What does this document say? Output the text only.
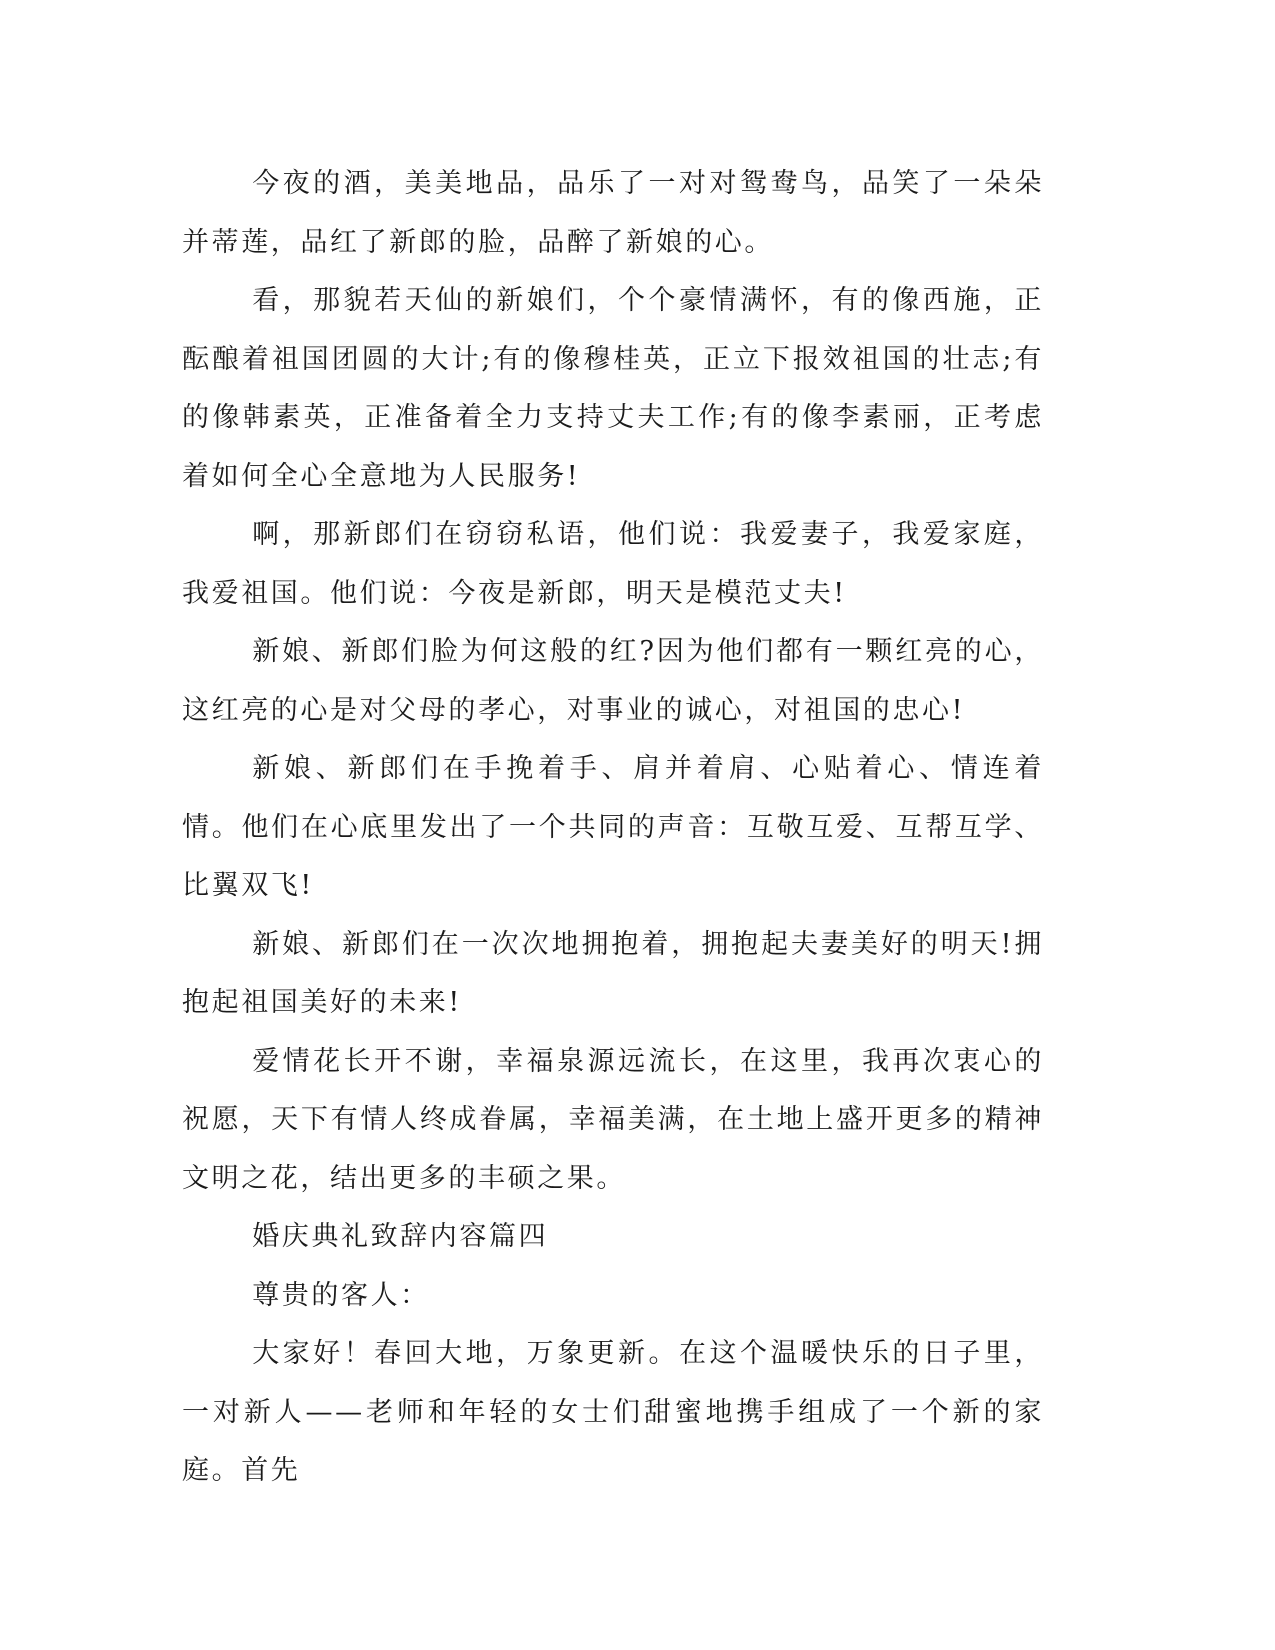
今夜的酒，美美地品，品乐了一对对鸳鸯鸟，品笑了一朵朵并蒂莲，品红了新郎的脸，品醉了新娘的心。

看，那貌若天仙的新娘们，个个豪情满怀，有的像西施，正酝酿着祖国团圆的大计;有的像穆桂英，正立下报效祖国的壮志;有的像韩素英，正准备着全力支持丈夫工作;有的像李素丽，正考虑着如何全心全意地为人民服务!

啊，那新郎们在窃窃私语，他们说：我爱妻子，我爱家庭，我爱祖国。他们说：今夜是新郎，明天是模范丈夫!

新娘、新郎们脸为何这般的红?因为他们都有一颗红亮的心，这红亮的心是对父母的孝心，对事业的诚心，对祖国的忠心!

新娘、新郎们在手挽着手、肩并着肩、心贴着心、情连着情。他们在心底里发出了一个共同的声音：互敬互爱、互帮互学、比翼双飞!

新娘、新郎们在一次次地拥抱着，拥抱起夫妻美好的明天!拥抱起祖国美好的未来!

爱情花长开不谢，幸福泉源远流长，在这里，我再次衷心的祝愿，天下有情人终成眷属，幸福美满，在土地上盛开更多的精神文明之花，结出更多的丰硕之果。

婚庆典礼致辞内容篇四

尊贵的客人：

大家好！春回大地，万象更新。在这个温暖快乐的日子里，一对新人——老师和年轻的女士们甜蜜地携手组成了一个新的家庭。首先
